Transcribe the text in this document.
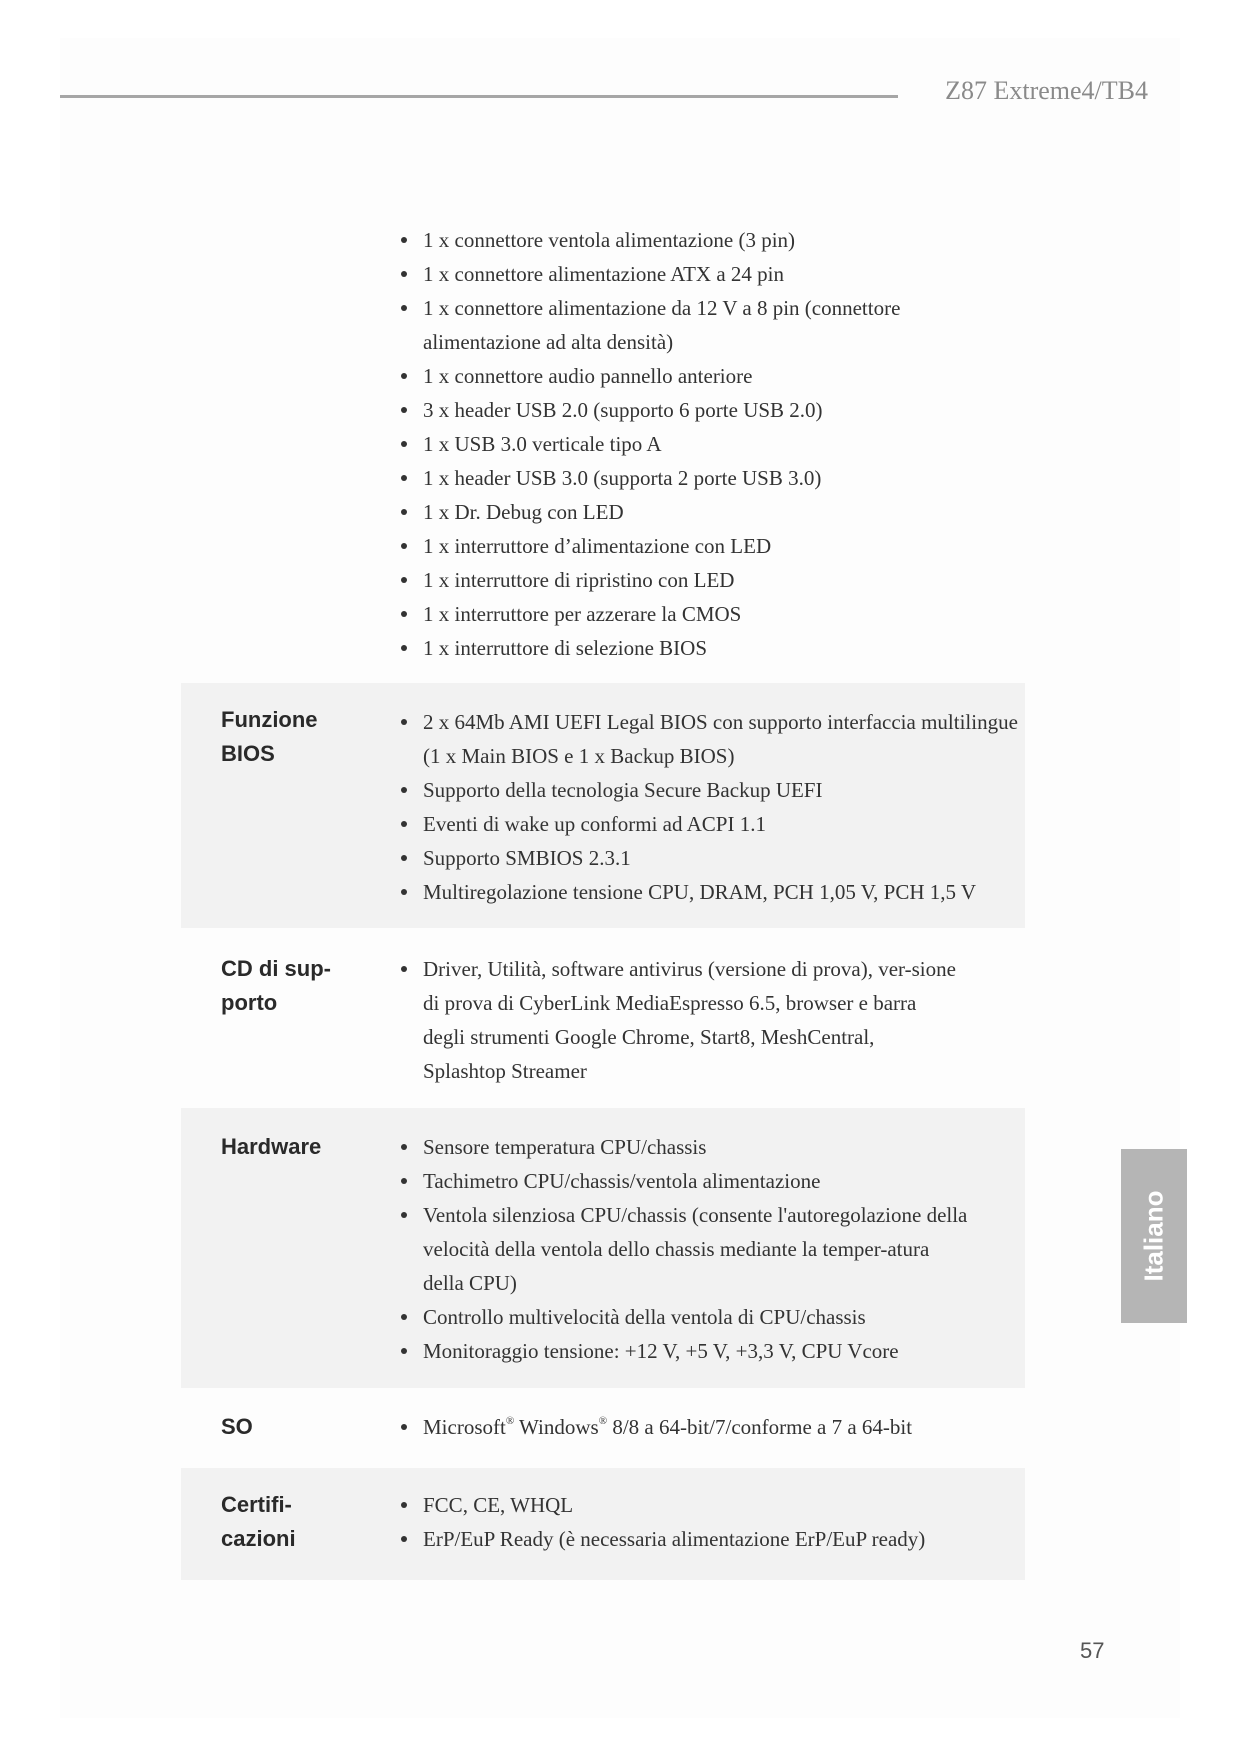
Z87 Extreme4/TB4
1 x connettore ventola alimentazione (3 pin)
1 x connettore alimentazione ATX a 24 pin
1 x connettore alimentazione da 12 V a 8 pin (connettore alimentazione ad alta densità)
1 x connettore audio pannello anteriore
3 x header USB 2.0 (supporto 6 porte USB 2.0)
1 x USB 3.0 verticale tipo A
1 x header USB 3.0 (supporta 2 porte USB 3.0)
1 x Dr. Debug con LED
1 x interruttore d’alimentazione con LED
1 x interruttore di ripristino con LED
1 x interruttore per azzerare la CMOS
1 x interruttore di selezione BIOS
Funzione
BIOS
2 x 64Mb AMI UEFI Legal BIOS con supporto interfaccia multilingue (1 x Main BIOS e 1 x Backup BIOS)
Supporto della tecnologia Secure Backup UEFI
Eventi di wake up conformi ad ACPI 1.1
Supporto SMBIOS 2.3.1
Multiregolazione tensione CPU, DRAM, PCH 1,05 V, PCH 1,5 V
CD di sup-
porto
Driver, Utilità, software antivirus (versione di prova), ver-sione di prova di CyberLink MediaEspresso 6.5, browser e barra degli strumenti Google Chrome, Start8, MeshCentral, Splashtop Streamer
Hardware	Sensore temperatura CPU/chassis
Tachimetro CPU/chassis/ventola alimentazione
Ventola silenziosa CPU/chassis (consente l'autoregolazione della velocità della ventola dello chassis mediante la temper-atura della CPU)
Controllo multivelocità della ventola di CPU/chassis
Monitoraggio tensione: +12 V, +5 V, +3,3 V, CPU Vcore
SO	Microsoft® Windows® 8/8 a 64-bit/7/conforme a 7 a 64-bit
Certifi-
cazioni
FCC, CE, WHQL
ErP/EuP Ready (è necessaria alimentazione ErP/EuP ready)
Italiano
57
